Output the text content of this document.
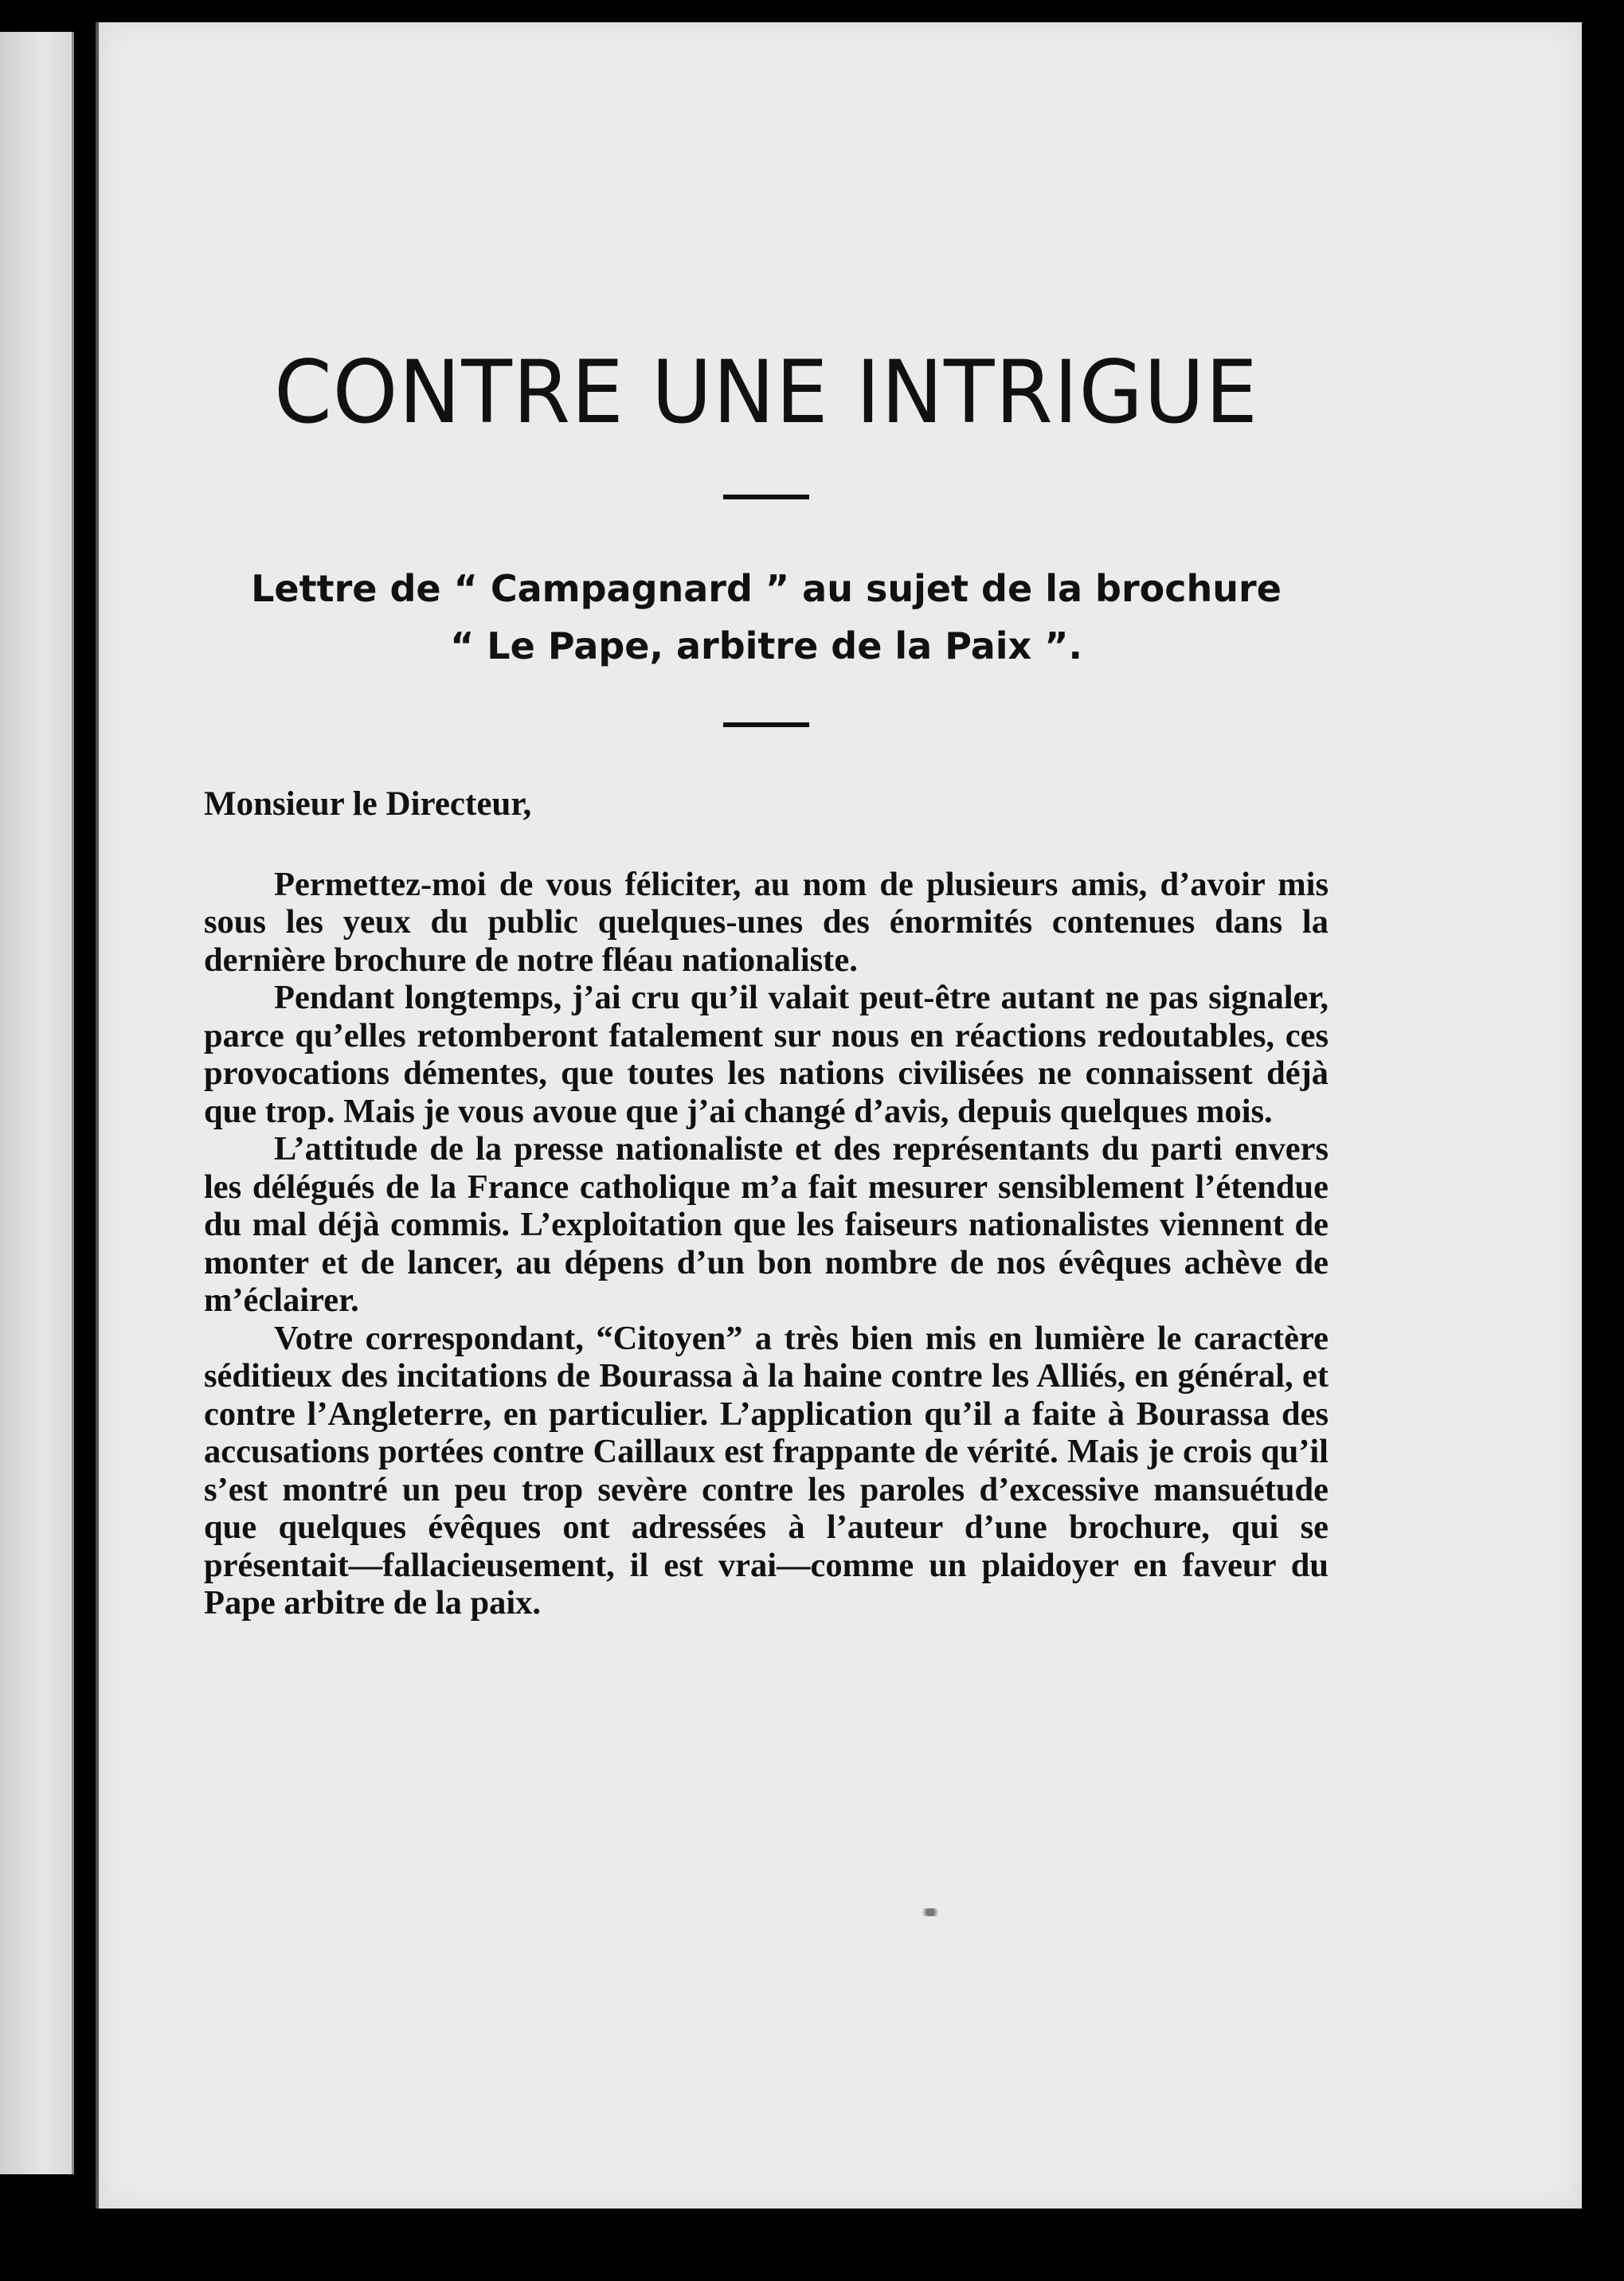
CONTRE UNE INTRIGUE
Lettre de “ Campagnard ” au sujet de la brochure
“ Le Pape, arbitre de la Paix ”.

Monsieur le Directeur,

Permettez-moi de vous féliciter, au nom de plusieurs amis, d’avoir mis sous les yeux du public quelques-unes des énormités contenues dans la dernière brochure de notre fléau nationaliste.

Pendant longtemps, j’ai cru qu’il valait peut-être autant ne pas signaler, parce qu’elles retomberont fatalement sur nous en réactions redoutables, ces provocations démentes, que toutes les nations civilisées ne connaissent déjà que trop. Mais je vous avoue que j’ai changé d’avis, depuis quelques mois.

L’attitude de la presse nationaliste et des représentants du parti envers les délégués de la France catholique m’a fait mesurer sensiblement l’étendue du mal déjà commis. L’exploitation que les faiseurs nationalistes viennent de monter et de lancer, au dépens d’un bon nombre de nos évêques achève de m’éclairer.

Votre correspondant, “Citoyen” a très bien mis en lumière le caractère séditieux des incitations de Bourassa à la haine contre les Alliés, en général, et contre l’Angleterre, en particulier. L’application qu’il a faite à Bourassa des accusations portées contre Caillaux est frappante de vérité. Mais je crois qu’il s’est montré un peu trop sevère contre les paroles d’excessive mansuétude que quelques évêques ont adressées à l’auteur d’une brochure, qui se présentait—fallacieusement, il est vrai—comme un plaidoyer en faveur du Pape arbitre de la paix.
